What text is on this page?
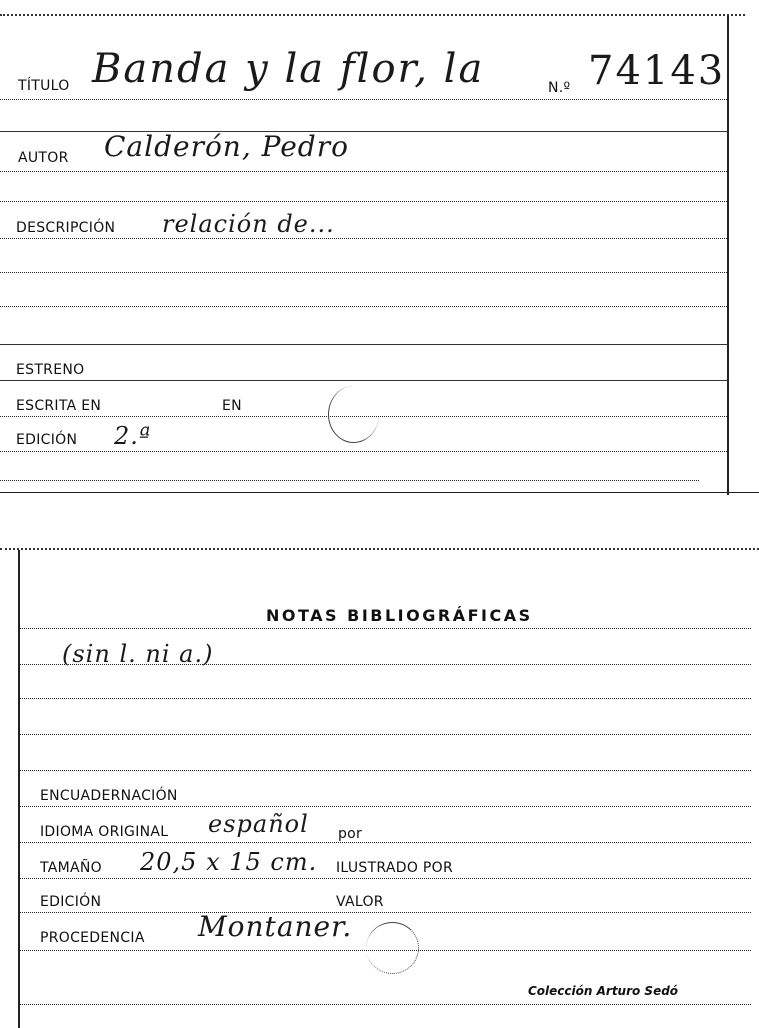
TÍTULO Banda y la flor, la	N.º 74143
AUTOR Calderón, Pedro
DESCRIPCIÓN relación de...
ESTRENO
ESCRITA EN	EN
EDICIÓN 2.ª
NOTAS BIBLIOGRÁFICAS
(sin l. ni a.)
ENCUADERNACIÓN
IDIOMA ORIGINAL español por
TAMAÑO 20,5 x 15 cm. ILUSTRADO POR
EDICIÓN	VALOR
PROCEDENCIA Montaner.
Colección Arturo Sedó
